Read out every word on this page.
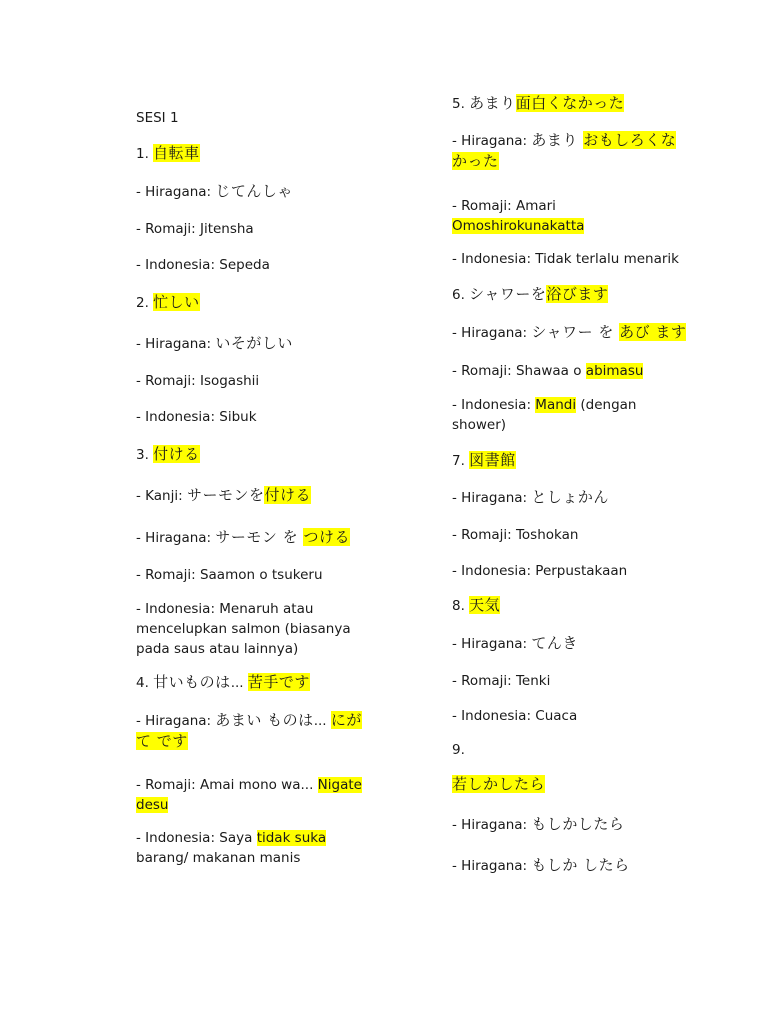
SESI 1
1. 自転車
- Hiragana: じてんしゃ
- Romaji: Jitensha
- Indonesia: Sepeda
2. 忙しい
- Hiragana: いそがしい
- Romaji: Isogashii
- Indonesia: Sibuk
3. 付ける
- Kanji: サーモンを付ける
- Hiragana: サーモン を つける
- Romaji: Saamon o tsukeru
- Indonesia: Menaruh atau mencelupkan salmon (biasanya pada saus atau lainnya)
4. 甘いものは... 苦手です
- Hiragana: あまい ものは... にが て です
- Romaji: Amai mono wa... Nigate desu
- Indonesia: Saya tidak suka barang/ makanan manis
5. あまり面白くなかった
- Hiragana: あまり おもしろくな かった
- Romaji: Amari Omoshirokunakatta
- Indonesia: Tidak terlalu menarik
6. シャワーを浴びます
- Hiragana: シャワー を あび ます
- Romaji: Shawaa o abimasu
- Indonesia: Mandi (dengan shower)
7. 図書館
- Hiragana: としょかん
- Romaji: Toshokan
- Indonesia: Perpustakaan
8. 天気
- Hiragana: てんき
- Romaji: Tenki
- Indonesia: Cuaca
9.
若しかしたら
- Hiragana: もしかしたら
- Hiragana: もしか したら
